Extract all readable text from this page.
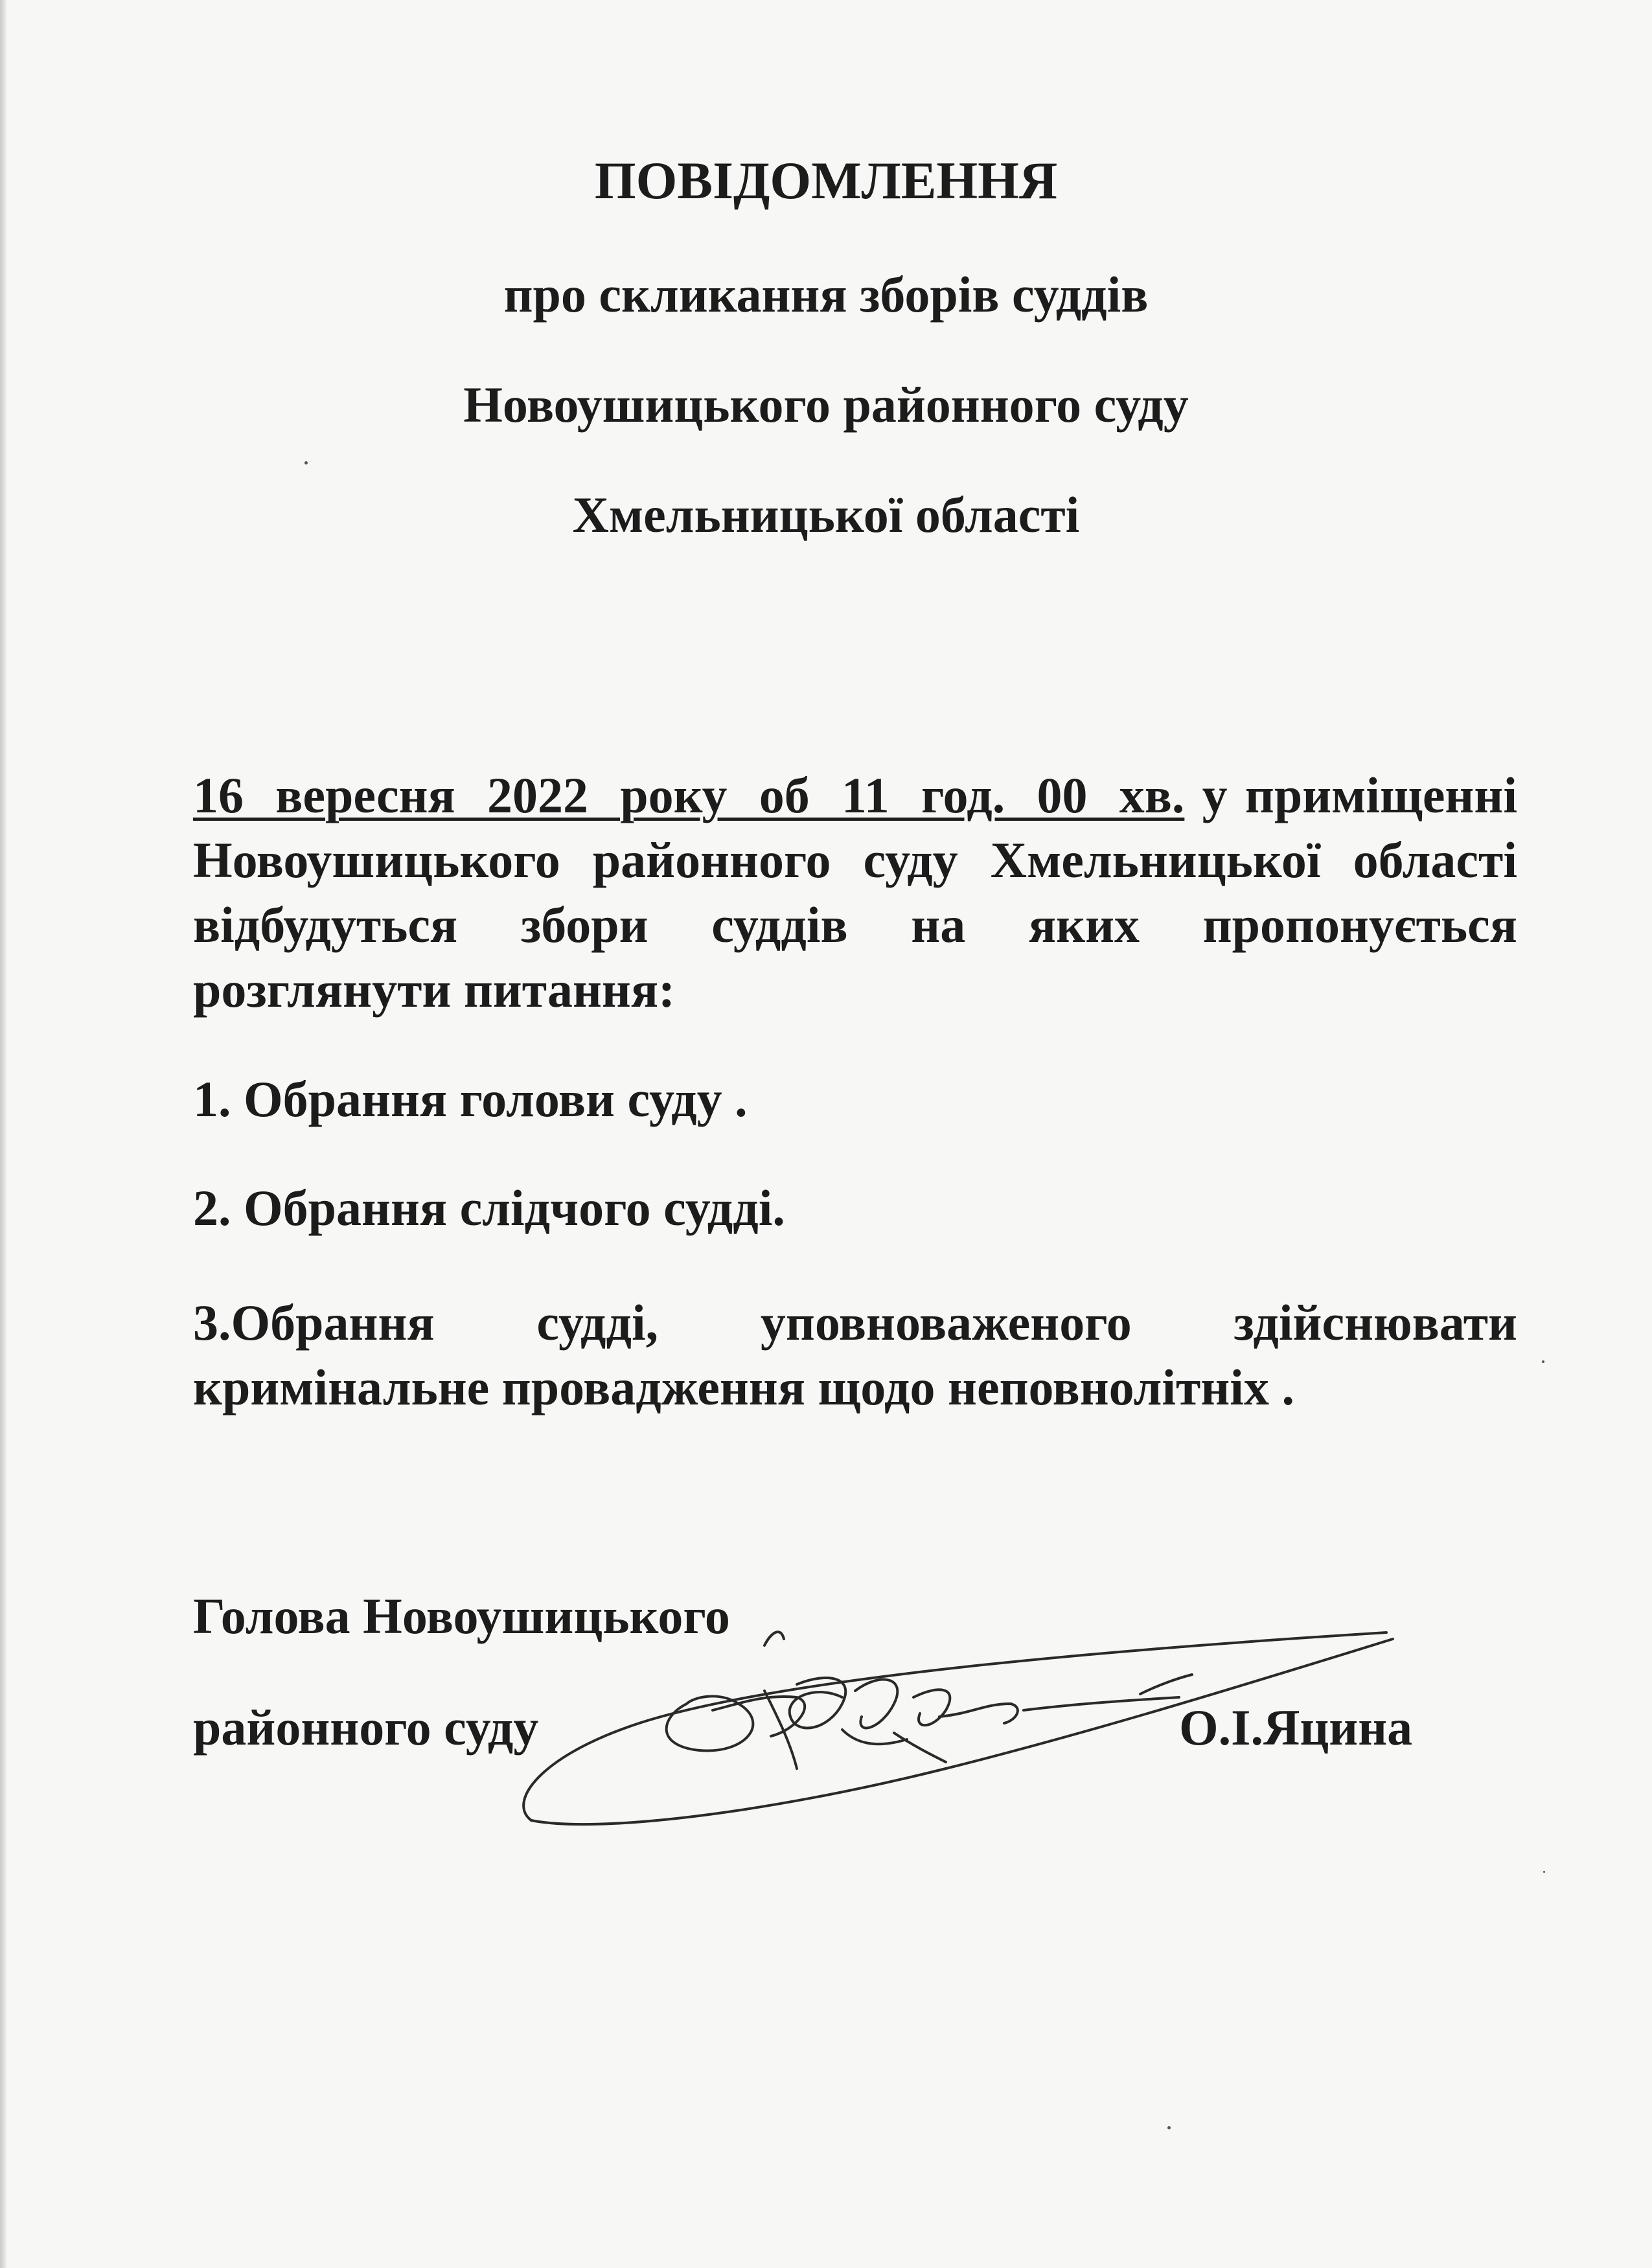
ПОВІДОМЛЕННЯ
про скликання зборів суддів
Новоушицького районного суду
Хмельницької області
16 вересня 2022 року об 11 год. 00 хв. у приміщенні Новоушицького районного суду Хмельницької області відбудуться збори суддів на яких пропонується розглянути питання:
1. Обрання голови суду .
2. Обрання слідчого судді.
3.Обрання судді, уповноваженого здійснювати кримінальне провадження щодо неповнолітніх .
Голова Новоушицького
районного суду	О.І.Яцина
